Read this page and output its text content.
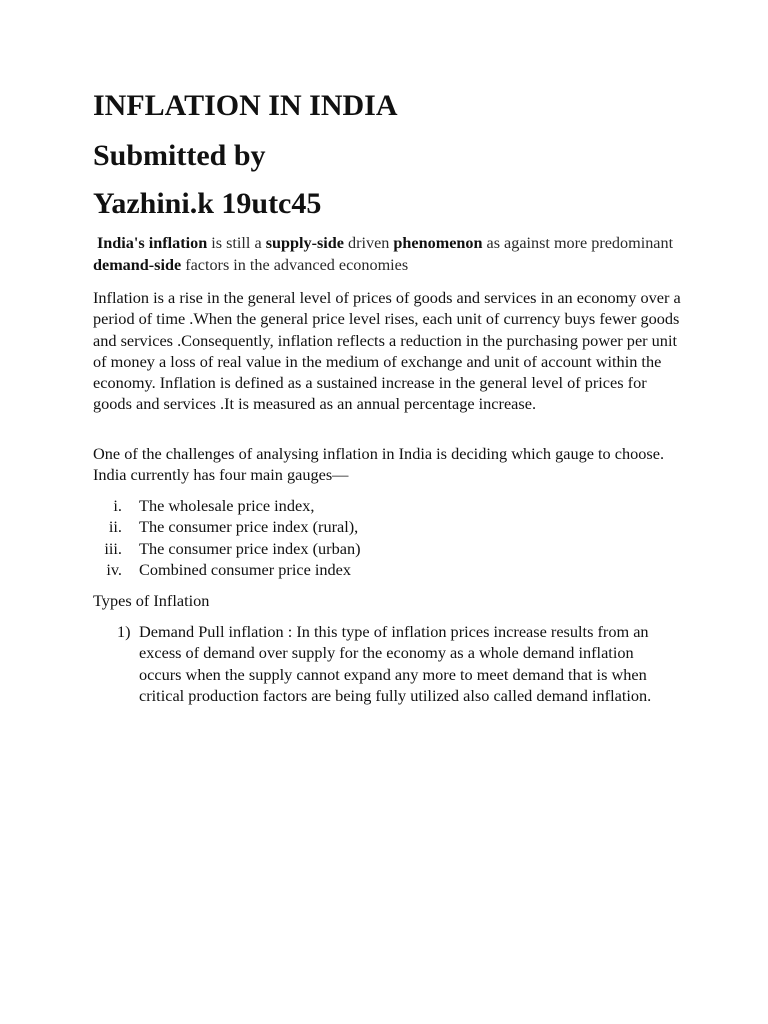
INFLATION IN INDIA
Submitted by
Yazhini.k 19utc45

India's inflation is still a supply-side driven phenomenon as against more predominant demand-side factors in the advanced economies

Inflation is a rise in the general level of prices of goods and services in an economy over a period of time .When the general price level rises, each unit of currency buys fewer goods and services .Consequently, inflation reflects a reduction in the purchasing power per unit of money a loss of real value in the medium of exchange and unit of account within the economy. Inflation is defined as a sustained increase in the general level of prices for goods and services .It is measured as an annual percentage increase.

One of the challenges of analysing inflation in India is deciding which gauge to choose. India currently has four main gauges—

i. The wholesale price index,
ii. The consumer price index (rural),
iii. The consumer price index (urban)
iv. Combined consumer price index

Types of Inflation

1) Demand Pull inflation : In this type of inflation prices increase results from an excess of demand over supply for the economy as a whole demand inflation occurs when the supply cannot expand any more to meet demand that is when critical production factors are being fully utilized also called demand inflation.
